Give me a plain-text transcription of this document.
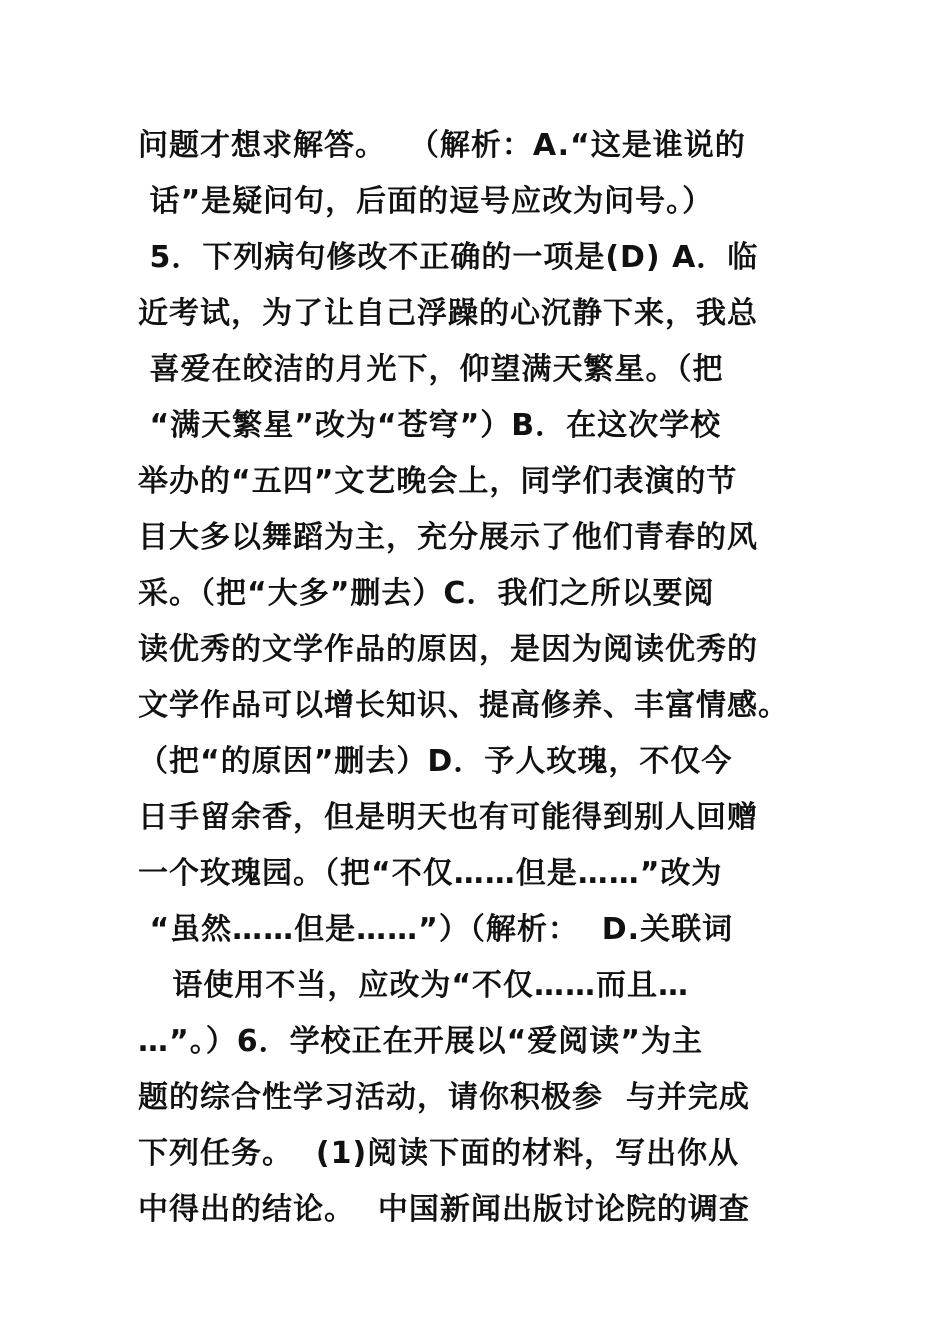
问题才想求解答。  （解析：A.“这是谁说的
话”是疑问句，后面的逗号应改为问号。）
5．下列病句修改不正确的一项是(D) A．临
近考试，为了让自己浮躁的心沉静下来，我总
喜爱在皎洁的月光下，仰望满天繁星。（把
“满天繁星”改为“苍穹”）B．在这次学校
举办的“五四”文艺晚会上，同学们表演的节
目大多以舞蹈为主，充分展示了他们青春的风
采。（把“大多”删去）C．我们之所以要阅
读优秀的文学作品的原因，是因为阅读优秀的
文学作品可以增长知识、提高修养、丰富情感。
（把“的原因”删去）D．予人玫瑰，不仅今
日手留余香，但是明天也有可能得到别人回赠
一个玫瑰园。（把“不仅……但是……”改为
“虽然……但是……”）（解析：  D.关联词
语使用不当，应改为“不仅……而且…
…”。）6．学校正在开展以“爱阅读”为主
题的综合性学习活动，请你积极参  与并完成
下列任务。  (1)阅读下面的材料，写出你从
中得出的结论。  中国新闻出版讨论院的调查
